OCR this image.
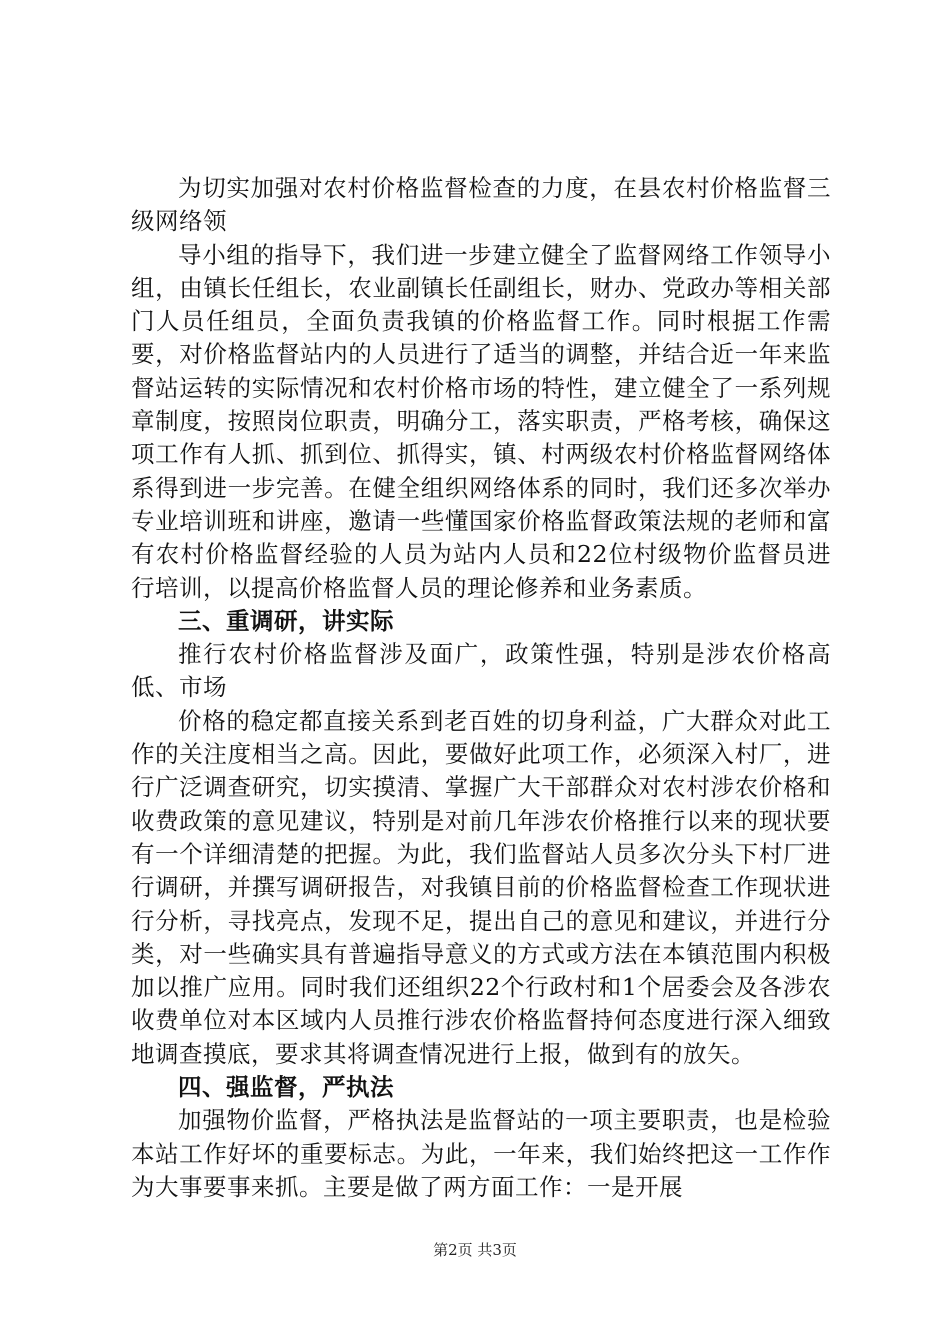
为切实加强对农村价格监督检查的力度，在县农村价格监督三级网络领

导小组的指导下，我们进一步建立健全了监督网络工作领导小组，由镇长任组长，农业副镇长任副组长，财办、党政办等相关部门人员任组员，全面负责我镇的价格监督工作。同时根据工作需要，对价格监督站内的人员进行了适当的调整，并结合近一年来监督站运转的实际情况和农村价格市场的特性，建立健全了一系列规章制度，按照岗位职责，明确分工，落实职责，严格考核，确保这项工作有人抓、抓到位、抓得实，镇、村两级农村价格监督网络体系得到进一步完善。在健全组织网络体系的同时，我们还多次举办专业培训班和讲座，邀请一些懂国家价格监督政策法规的老师和富有农村价格监督经验的人员为站内人员和22位村级物价监督员进行培训，以提高价格监督人员的理论修养和业务素质。

三、重调研，讲实际

推行农村价格监督涉及面广，政策性强，特别是涉农价格高低、市场

价格的稳定都直接关系到老百姓的切身利益，广大群众对此工作的关注度相当之高。因此，要做好此项工作，必须深入村厂，进行广泛调查研究，切实摸清、掌握广大干部群众对农村涉农价格和收费政策的意见建议，特别是对前几年涉农价格推行以来的现状要有一个详细清楚的把握。为此，我们监督站人员多次分头下村厂进行调研，并撰写调研报告，对我镇目前的价格监督检查工作现状进行分析，寻找亮点，发现不足，提出自己的意见和建议，并进行分类，对一些确实具有普遍指导意义的方式或方法在本镇范围内积极加以推广应用。同时我们还组织22个行政村和1个居委会及各涉农收费单位对本区域内人员推行涉农价格监督持何态度进行深入细致地调查摸底，要求其将调查情况进行上报，做到有的放矢。

四、强监督，严执法

加强物价监督，严格执法是监督站的一项主要职责，也是检验本站工作好坏的重要标志。为此，一年来，我们始终把这一工作作为大事要事来抓。主要是做了两方面工作：一是开展

第2页 共3页
